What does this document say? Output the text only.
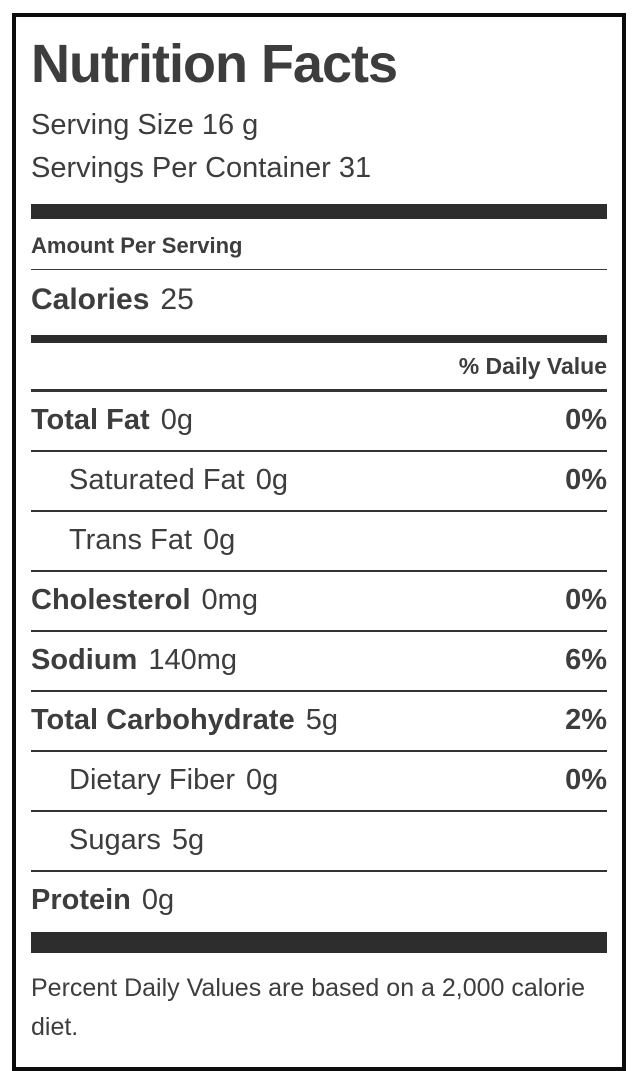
Nutrition Facts
Serving Size 16 g
Servings Per Container 31
Amount Per Serving
Calories 25
% Daily Value
Total Fat 0g	0%
Saturated Fat 0g	0%
Trans Fat 0g
Cholesterol 0mg	0%
Sodium 140mg	6%
Total Carbohydrate 5g	2%
Dietary Fiber 0g	0%
Sugars 5g
Protein 0g
Percent Daily Values are based on a 2,000 calorie diet.
